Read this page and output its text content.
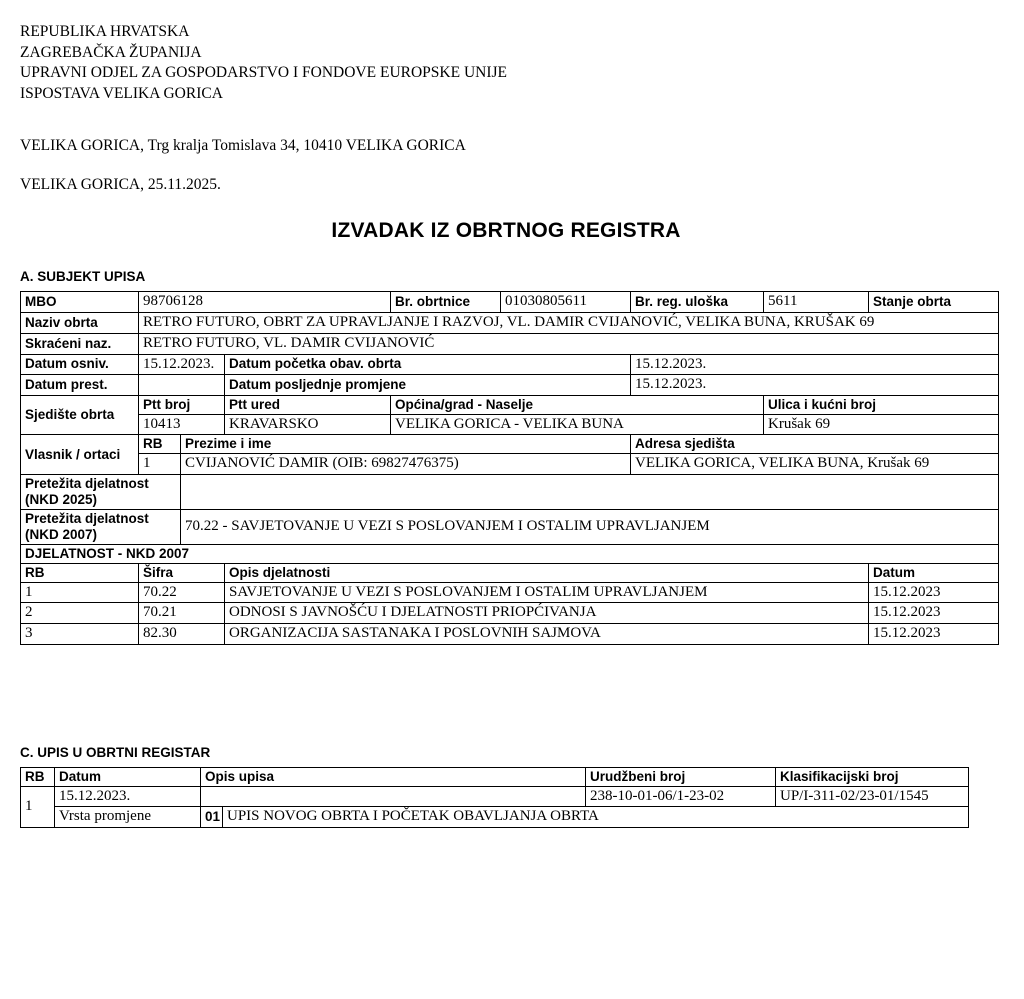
REPUBLIKA HRVATSKA
ZAGREBAČKA ŽUPANIJA
UPRAVNI ODJEL ZA GOSPODARSTVO I FONDOVE EUROPSKE UNIJE
ISPOSTAVA VELIKA GORICA
VELIKA GORICA, Trg kralja Tomislava 34, 10410 VELIKA GORICA
VELIKA GORICA, 25.11.2025.
IZVADAK IZ OBRTNOG REGISTRA
A. SUBJEKT UPISA
MBO	98706128			Br. obrtnice	01030805611	Br. reg. uloška	5611	Stanje obrta	
Naziv obrta	RETRO FUTURO, OBRT ZA UPRAVLJANJE I RAZVOJ, VL. DAMIR CVIJANOVIĆ, VELIKA BUNA, KRUŠAK 69								
Skraćeni naz.	RETRO FUTURO, VL. DAMIR CVIJANOVIĆ								
Datum osniv.	15.12.2023.		Datum početka obav. obrta			15.12.2023.			
Datum prest.			Datum posljednje promjene			15.12.2023.			
Sjedište obrta	Ptt broj		Ptt ured	Općina/grad - Naselje			Ulica i kućni broj		
	10413		KRAVARSKO	VELIKA GORICA - VELIKA BUNA			Krušak 69		
Vlasnik / ortaci	RB	Prezime i ime				Adresa sjedišta			
	1	CVIJANOVIĆ DAMIR (OIB: 69827476375)				VELIKA GORICA, VELIKA BUNA, Krušak 69			
Pretežita djelatnost (NKD 2025)									
Pretežita djelatnost (NKD 2007)		70.22 - SAVJETOVANJE U VEZI S POSLOVANJEM I OSTALIM UPRAVLJANJEM							
DJELATNOST - NKD 2007									
RB	Šifra		Opis djelatnosti					Datum	
1	70.22		SAVJETOVANJE U VEZI S POSLOVANJEM I OSTALIM UPRAVLJANJEM					15.12.2023	
2	70.21		ODNOSI S JAVNOŠĆU I DJELATNOSTI PRIOPĆIVANJA					15.12.2023	
3	82.30		ORGANIZACIJA SASTANAKA I POSLOVNIH SAJMOVA					15.12.2023	
C. UPIS U OBRTNI REGISTAR
RB	Datum	Opis upisa		Urudžbeni broj	Klasifikacijski broj
1	15.12.2023.			238-10-01-06/1-23-02	UP/I-311-02/23-01/1545
	Vrsta promjene	01	UPIS NOVOG OBRTA I POČETAK OBAVLJANJA OBRTA		
